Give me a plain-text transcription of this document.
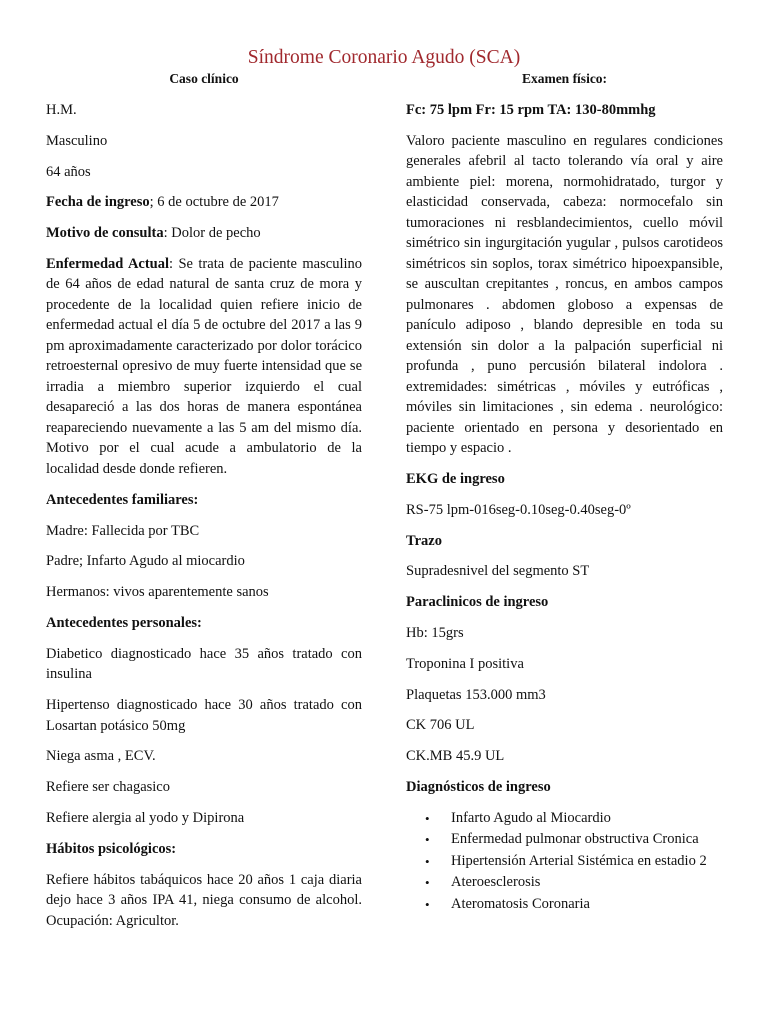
Síndrome Coronario Agudo (SCA)
Caso clínico

H.M.

Masculino

64 años

Fecha de ingreso; 6 de octubre de 2017

Motivo de consulta: Dolor de pecho

Enfermedad Actual: Se trata de paciente masculino de 64 años de edad natural de santa cruz de mora y procedente de la localidad quien refiere inicio de enfermedad actual el día 5 de octubre del 2017 a las 9 pm aproximadamente caracterizado por dolor torácico retroesternal opresivo de muy fuerte intensidad que se irradia a miembro superior izquierdo el cual desapareció a las dos horas de manera espontánea reapareciendo nuevamente a las 5 am del mismo día. Motivo por el cual acude a ambulatorio de la localidad desde donde refieren.

Antecedentes familiares:

Madre: Fallecida por TBC

Padre; Infarto Agudo al miocardio

Hermanos: vivos aparentemente sanos

Antecedentes personales:

Diabetico diagnosticado hace 35 años tratado con insulina

Hipertenso diagnosticado hace 30 años tratado con Losartan potásico 50mg

Niega asma , ECV.

Refiere ser chagasico

Refiere alergia al yodo y Dipirona

Hábitos psicológicos:

Refiere hábitos tabáquicos hace 20 años 1 caja diaria dejo hace 3 años IPA 41, niega consumo de alcohol. Ocupación: Agricultor.

Examen físico:

Fc: 75 lpm Fr: 15 rpm TA: 130-80mmhg

Valoro paciente masculino en regulares condiciones generales afebril al tacto tolerando vía oral y aire ambiente piel: morena, normohidratado, turgor y elasticidad conservada, cabeza: normocefalo sin tumoraciones ni resblandecimientos, cuello móvil simétrico sin ingurgitación yugular , pulsos carotideos simétricos sin soplos, torax simétrico hipoexpansible, se auscultan crepitantes , roncus, en ambos campos pulmonares . abdomen globoso a expensas de panículo adiposo , blando depresible en toda su extensión sin dolor a la palpación superficial ni profunda , puno percusión bilateral indolora . extremidades: simétricas , móviles y eutróficas , móviles sin limitaciones , sin edema . neurológico: paciente orientado en persona y desorientado en tiempo y espacio .

EKG de ingreso

RS-75 lpm-016seg-0.10seg-0.40seg-0º

Trazo

Supradesnivel del segmento ST

Paraclinicos de ingreso

Hb: 15grs

Troponina I positiva

Plaquetas 153.000 mm3

CK 706 UL

CK.MB 45.9 UL

Diagnósticos de ingreso

• Infarto Agudo al Miocardio
• Enfermedad pulmonar obstructiva Cronica
• Hipertensión Arterial Sistémica en estadio 2
• Ateroesclerosis
• Ateromatosis Coronaria
